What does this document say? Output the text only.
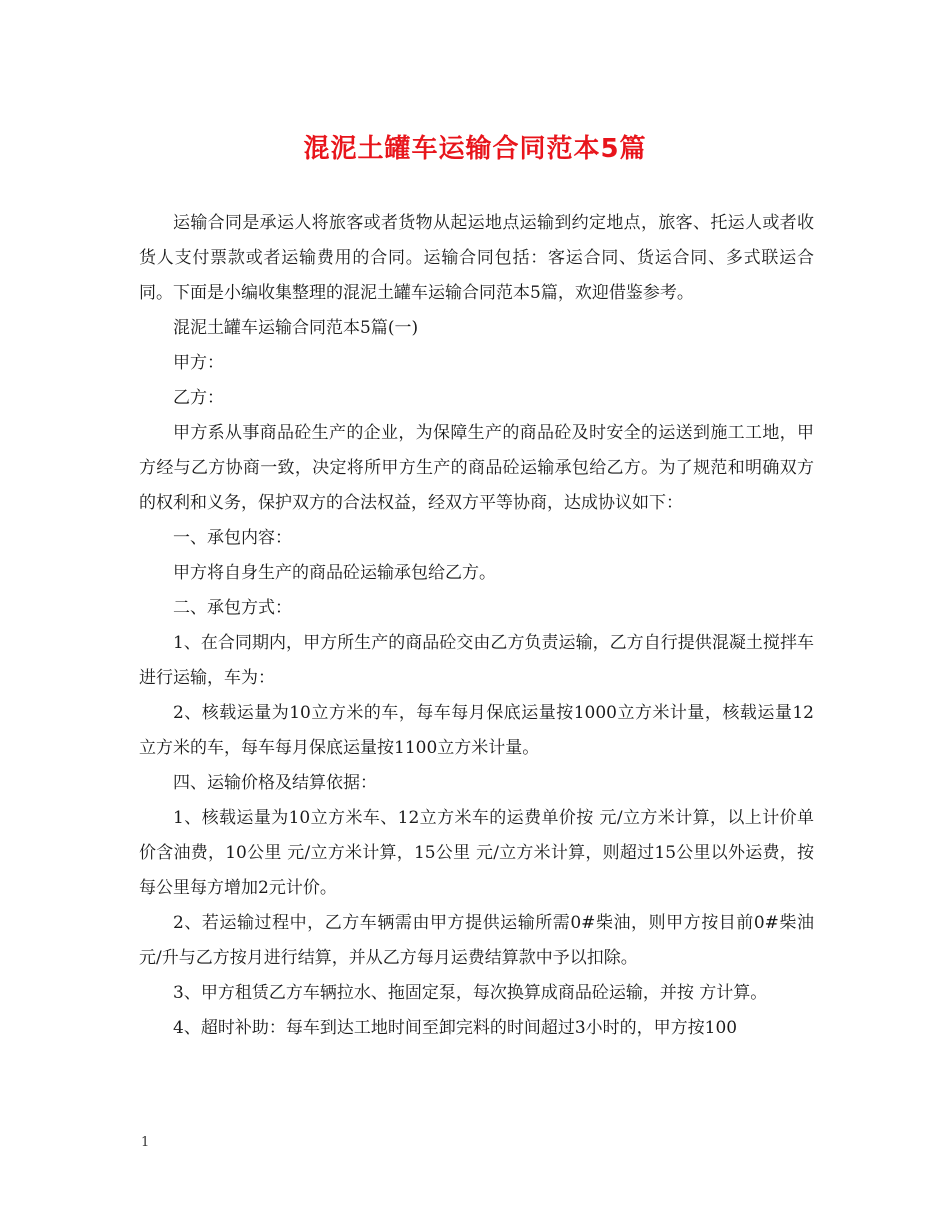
混泥土罐车运输合同范本5篇

运输合同是承运人将旅客或者货物从起运地点运输到约定地点，旅客、托运人或者收货人支付票款或者运输费用的合同。运输合同包括：客运合同、货运合同、多式联运合同。下面是小编收集整理的混泥土罐车运输合同范本5篇，欢迎借鉴参考。

混泥土罐车运输合同范本5篇(一)

甲方：

乙方：

甲方系从事商品砼生产的企业，为保障生产的商品砼及时安全的运送到施工工地，甲方经与乙方协商一致，决定将所甲方生产的商品砼运输承包给乙方。为了规范和明确双方的权利和义务，保护双方的合法权益，经双方平等协商，达成协议如下：

一、承包内容：

甲方将自身生产的商品砼运输承包给乙方。

二、承包方式：

1、在合同期内，甲方所生产的商品砼交由乙方负责运输，乙方自行提供混凝土搅拌车进行运输，车为：

2、核载运量为10立方米的车，每车每月保底运量按1000立方米计量，核载运量12立方米的车，每车每月保底运量按1100立方米计量。

四、运输价格及结算依据：

1、核载运量为10立方米车、12立方米车的运费单价按 元/立方米计算，以上计价单价含油费，10公里 元/立方米计算，15公里 元/立方米计算，则超过15公里以外运费，按每公里每方增加2元计价。

2、若运输过程中，乙方车辆需由甲方提供运输所需0#柴油，则甲方按目前0#柴油 元/升与乙方按月进行结算，并从乙方每月运费结算款中予以扣除。

3、甲方租赁乙方车辆拉水、拖固定泵，每次换算成商品砼运输，并按 方计算。

4、超时补助：每车到达工地时间至卸完料的时间超过3小时的，甲方按100

1
